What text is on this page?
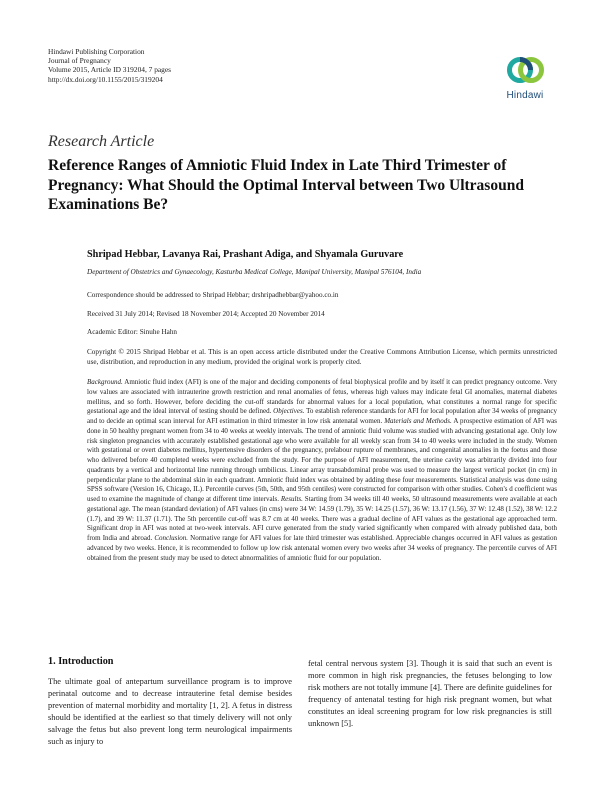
Hindawi Publishing Corporation
Journal of Pregnancy
Volume 2015, Article ID 319204, 7 pages
http://dx.doi.org/10.1155/2015/319204
Hindawi
Research Article
Reference Ranges of Amniotic Fluid Index in Late Third Trimester of Pregnancy: What Should the Optimal Interval between Two Ultrasound Examinations Be?
Shripad Hebbar, Lavanya Rai, Prashant Adiga, and Shyamala Guruvare
Department of Obstetrics and Gynaecology, Kasturba Medical College, Manipal University, Manipal 576104, India
Correspondence should be addressed to Shripad Hebbar; drshripadhebbar@yahoo.co.in
Received 31 July 2014; Revised 18 November 2014; Accepted 20 November 2014
Academic Editor: Sinuhe Hahn
Copyright © 2015 Shripad Hebbar et al. This is an open access article distributed under the Creative Commons Attribution License, which permits unrestricted use, distribution, and reproduction in any medium, provided the original work is properly cited.

Background. Amniotic fluid index (AFI) is one of the major and deciding components of fetal biophysical profile and by itself it can predict pregnancy outcome. Very low values are associated with intrauterine growth restriction and renal anomalies of fetus, whereas high values may indicate fetal GI anomalies, maternal diabetes mellitus, and so forth. However, before deciding the cut-off standards for abnormal values for a local population, what constitutes a normal range for specific gestational age and the ideal interval of testing should be defined. Objectives. To establish reference standards for AFI for local population after 34 weeks of pregnancy and to decide an optimal scan interval for AFI estimation in third trimester in low risk antenatal women. Materials and Methods. A prospective estimation of AFI was done in 50 healthy pregnant women from 34 to 40 weeks at weekly intervals. The trend of amniotic fluid volume was studied with advancing gestational age. Only low risk singleton pregnancies with accurately established gestational age who were available for all weekly scan from 34 to 40 weeks were included in the study. Women with gestational or overt diabetes mellitus, hypertensive disorders of the pregnancy, prelabour rupture of membranes, and congenital anomalies in the foetus and those who delivered before 40 completed weeks were excluded from the study. For the purpose of AFI measurement, the uterine cavity was arbitrarily divided into four quadrants by a vertical and horizontal line running through umbilicus. Linear array transabdominal probe was used to measure the largest vertical pocket (in cm) in perpendicular plane to the abdominal skin in each quadrant. Amniotic fluid index was obtained by adding these four measurements. Statistical analysis was done using SPSS software (Version 16, Chicago, IL). Percentile curves (5th, 50th, and 95th centiles) were constructed for comparison with other studies. Cohen's d coefficient was used to examine the magnitude of change at different time intervals. Results. Starting from 34 weeks till 40 weeks, 50 ultrasound measurements were available at each gestational age. The mean (standard deviation) of AFI values (in cms) were 34 W: 14.59 (1.79), 35 W: 14.25 (1.57), 36 W: 13.17 (1.56), 37 W: 12.48 (1.52), 38 W: 12.2 (1.7), and 39 W: 11.37 (1.71). The 5th percentile cut-off was 8.7 cm at 40 weeks. There was a gradual decline of AFI values as the gestational age approached term. Significant drop in AFI was noted at two-week intervals. AFI curve generated from the study varied significantly when compared with already published data, both from India and abroad. Conclusion. Normative range for AFI values for late third trimester was established. Appreciable changes occurred in AFI values as gestation advanced by two weeks. Hence, it is recommended to follow up low risk antenatal women every two weeks after 34 weeks of pregnancy. The percentile curves of AFI obtained from the present study may be used to detect abnormalities of amniotic fluid for our population.

1. Introduction

The ultimate goal of antepartum surveillance program is to improve perinatal outcome and to decrease intrauterine fetal demise besides prevention of maternal morbidity and mortality [1, 2]. A fetus in distress should be identified at the earliest so that timely delivery will not only salvage the fetus but also prevent long term neurological impairments such as injury to

fetal central nervous system [3]. Though it is said that such an event is more common in high risk pregnancies, the fetuses belonging to low risk mothers are not totally immune [4]. There are definite guidelines for frequency of antenatal testing for high risk pregnant women, but what constitutes an ideal screening program for low risk pregnancies is still unknown [5].
